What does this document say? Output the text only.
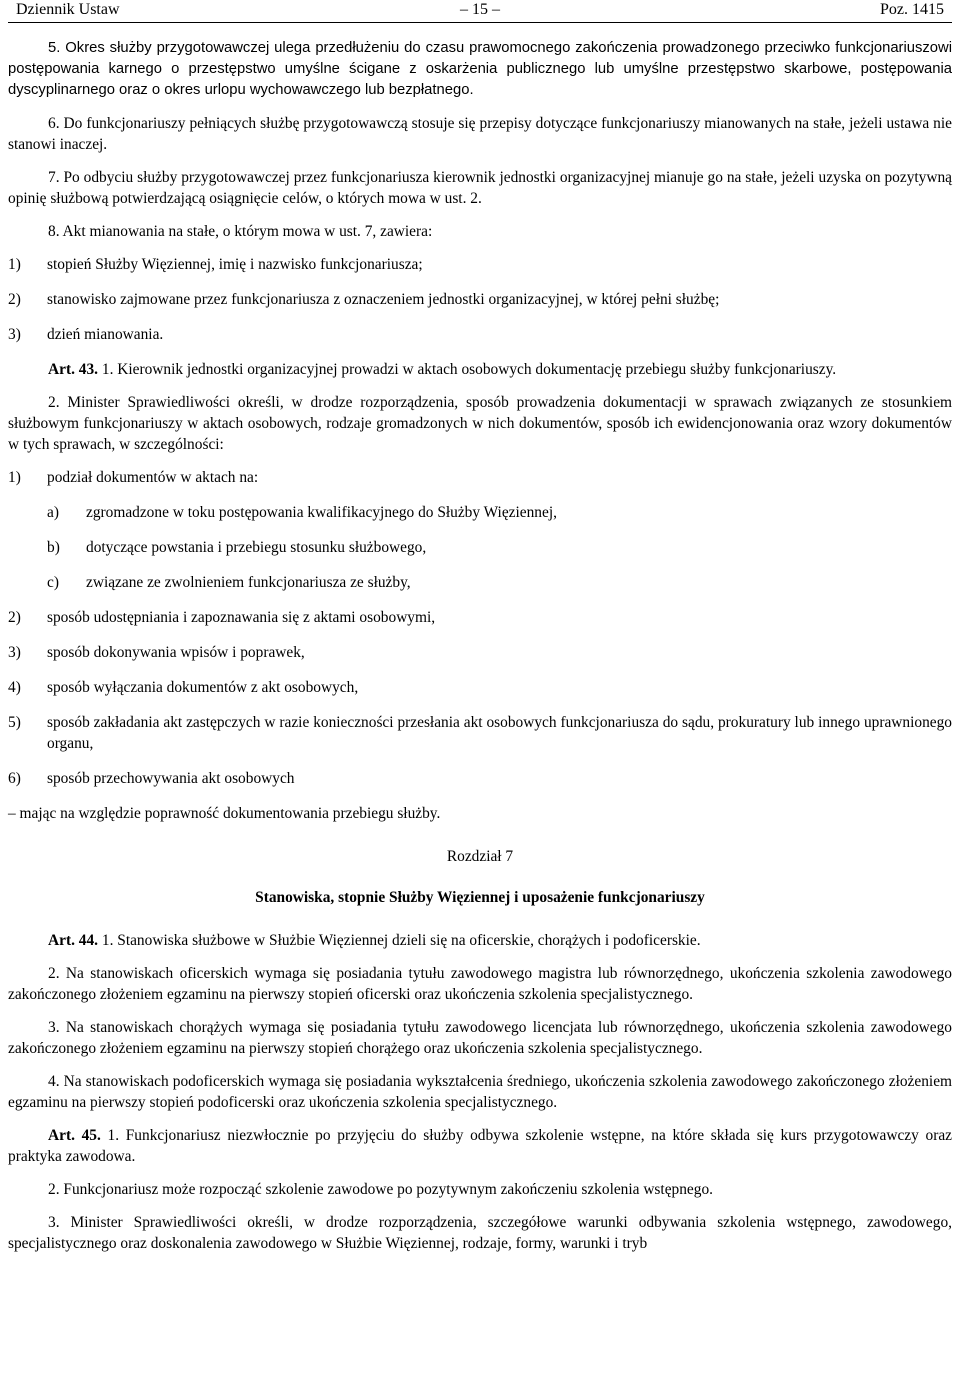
Dziennik Ustaw	– 15 –	Poz. 1415

5. Okres służby przygotowawczej ulega przedłużeniu do czasu prawomocnego zakończenia prowadzonego przeciwko funkcjonariuszowi postępowania karnego o przestępstwo umyślne ścigane z oskarżenia publicznego lub umyślne przestępstwo skarbowe, postępowania dyscyplinarnego oraz o okres urlopu wychowawczego lub bezpłatnego.

6. Do funkcjonariuszy pełniących służbę przygotowawczą stosuje się przepisy dotyczące funkcjonariuszy mianowanych na stałe, jeżeli ustawa nie stanowi inaczej.

7. Po odbyciu służby przygotowawczej przez funkcjonariusza kierownik jednostki organizacyjnej mianuje go na stałe, jeżeli uzyska on pozytywną opinię służbową potwierdzającą osiągnięcie celów, o których mowa w ust. 2.

8. Akt mianowania na stałe, o którym mowa w ust. 7, zawiera:

1) stopień Służby Więziennej, imię i nazwisko funkcjonariusza;

2) stanowisko zajmowane przez funkcjonariusza z oznaczeniem jednostki organizacyjnej, w której pełni służbę;

3) dzień mianowania.

Art. 43. 1. Kierownik jednostki organizacyjnej prowadzi w aktach osobowych dokumentację przebiegu służby funkcjonariuszy.

2. Minister Sprawiedliwości określi, w drodze rozporządzenia, sposób prowadzenia dokumentacji w sprawach związanych ze stosunkiem służbowym funkcjonariuszy w aktach osobowych, rodzaje gromadzonych w nich dokumentów, sposób ich ewidencjonowania oraz wzory dokumentów w tych sprawach, w szczególności:

1) podział dokumentów w aktach na:

a) zgromadzone w toku postępowania kwalifikacyjnego do Służby Więziennej,

b) dotyczące powstania i przebiegu stosunku służbowego,

c) związane ze zwolnieniem funkcjonariusza ze służby,

2) sposób udostępniania i zapoznawania się z aktami osobowymi,

3) sposób dokonywania wpisów i poprawek,

4) sposób wyłączania dokumentów z akt osobowych,

5) sposób zakładania akt zastępczych w razie konieczności przesłania akt osobowych funkcjonariusza do sądu, prokuratury lub innego uprawnionego organu,

6) sposób przechowywania akt osobowych

– mając na względzie poprawność dokumentowania przebiegu służby.

Rozdział 7

Stanowiska, stopnie Służby Więziennej i uposażenie funkcjonariuszy

Art. 44. 1. Stanowiska służbowe w Służbie Więziennej dzieli się na oficerskie, chorążych i podoficerskie.

2. Na stanowiskach oficerskich wymaga się posiadania tytułu zawodowego magistra lub równorzędnego, ukończenia szkolenia zawodowego zakończonego złożeniem egzaminu na pierwszy stopień oficerski oraz ukończenia szkolenia specjalistycznego.

3. Na stanowiskach chorążych wymaga się posiadania tytułu zawodowego licencjata lub równorzędnego, ukończenia szkolenia zawodowego zakończonego złożeniem egzaminu na pierwszy stopień chorążego oraz ukończenia szkolenia specjalistycznego.

4. Na stanowiskach podoficerskich wymaga się posiadania wykształcenia średniego, ukończenia szkolenia zawodowego zakończonego złożeniem egzaminu na pierwszy stopień podoficerski oraz ukończenia szkolenia specjalistycznego.

Art. 45. 1. Funkcjonariusz niezwłocznie po przyjęciu do służby odbywa szkolenie wstępne, na które składa się kurs przygotowawczy oraz praktyka zawodowa.

2. Funkcjonariusz może rozpocząć szkolenie zawodowe po pozytywnym zakończeniu szkolenia wstępnego.

3. Minister Sprawiedliwości określi, w drodze rozporządzenia, szczegółowe warunki odbywania szkolenia wstępnego, zawodowego, specjalistycznego oraz doskonalenia zawodowego w Służbie Więziennej, rodzaje, formy, warunki i tryb
